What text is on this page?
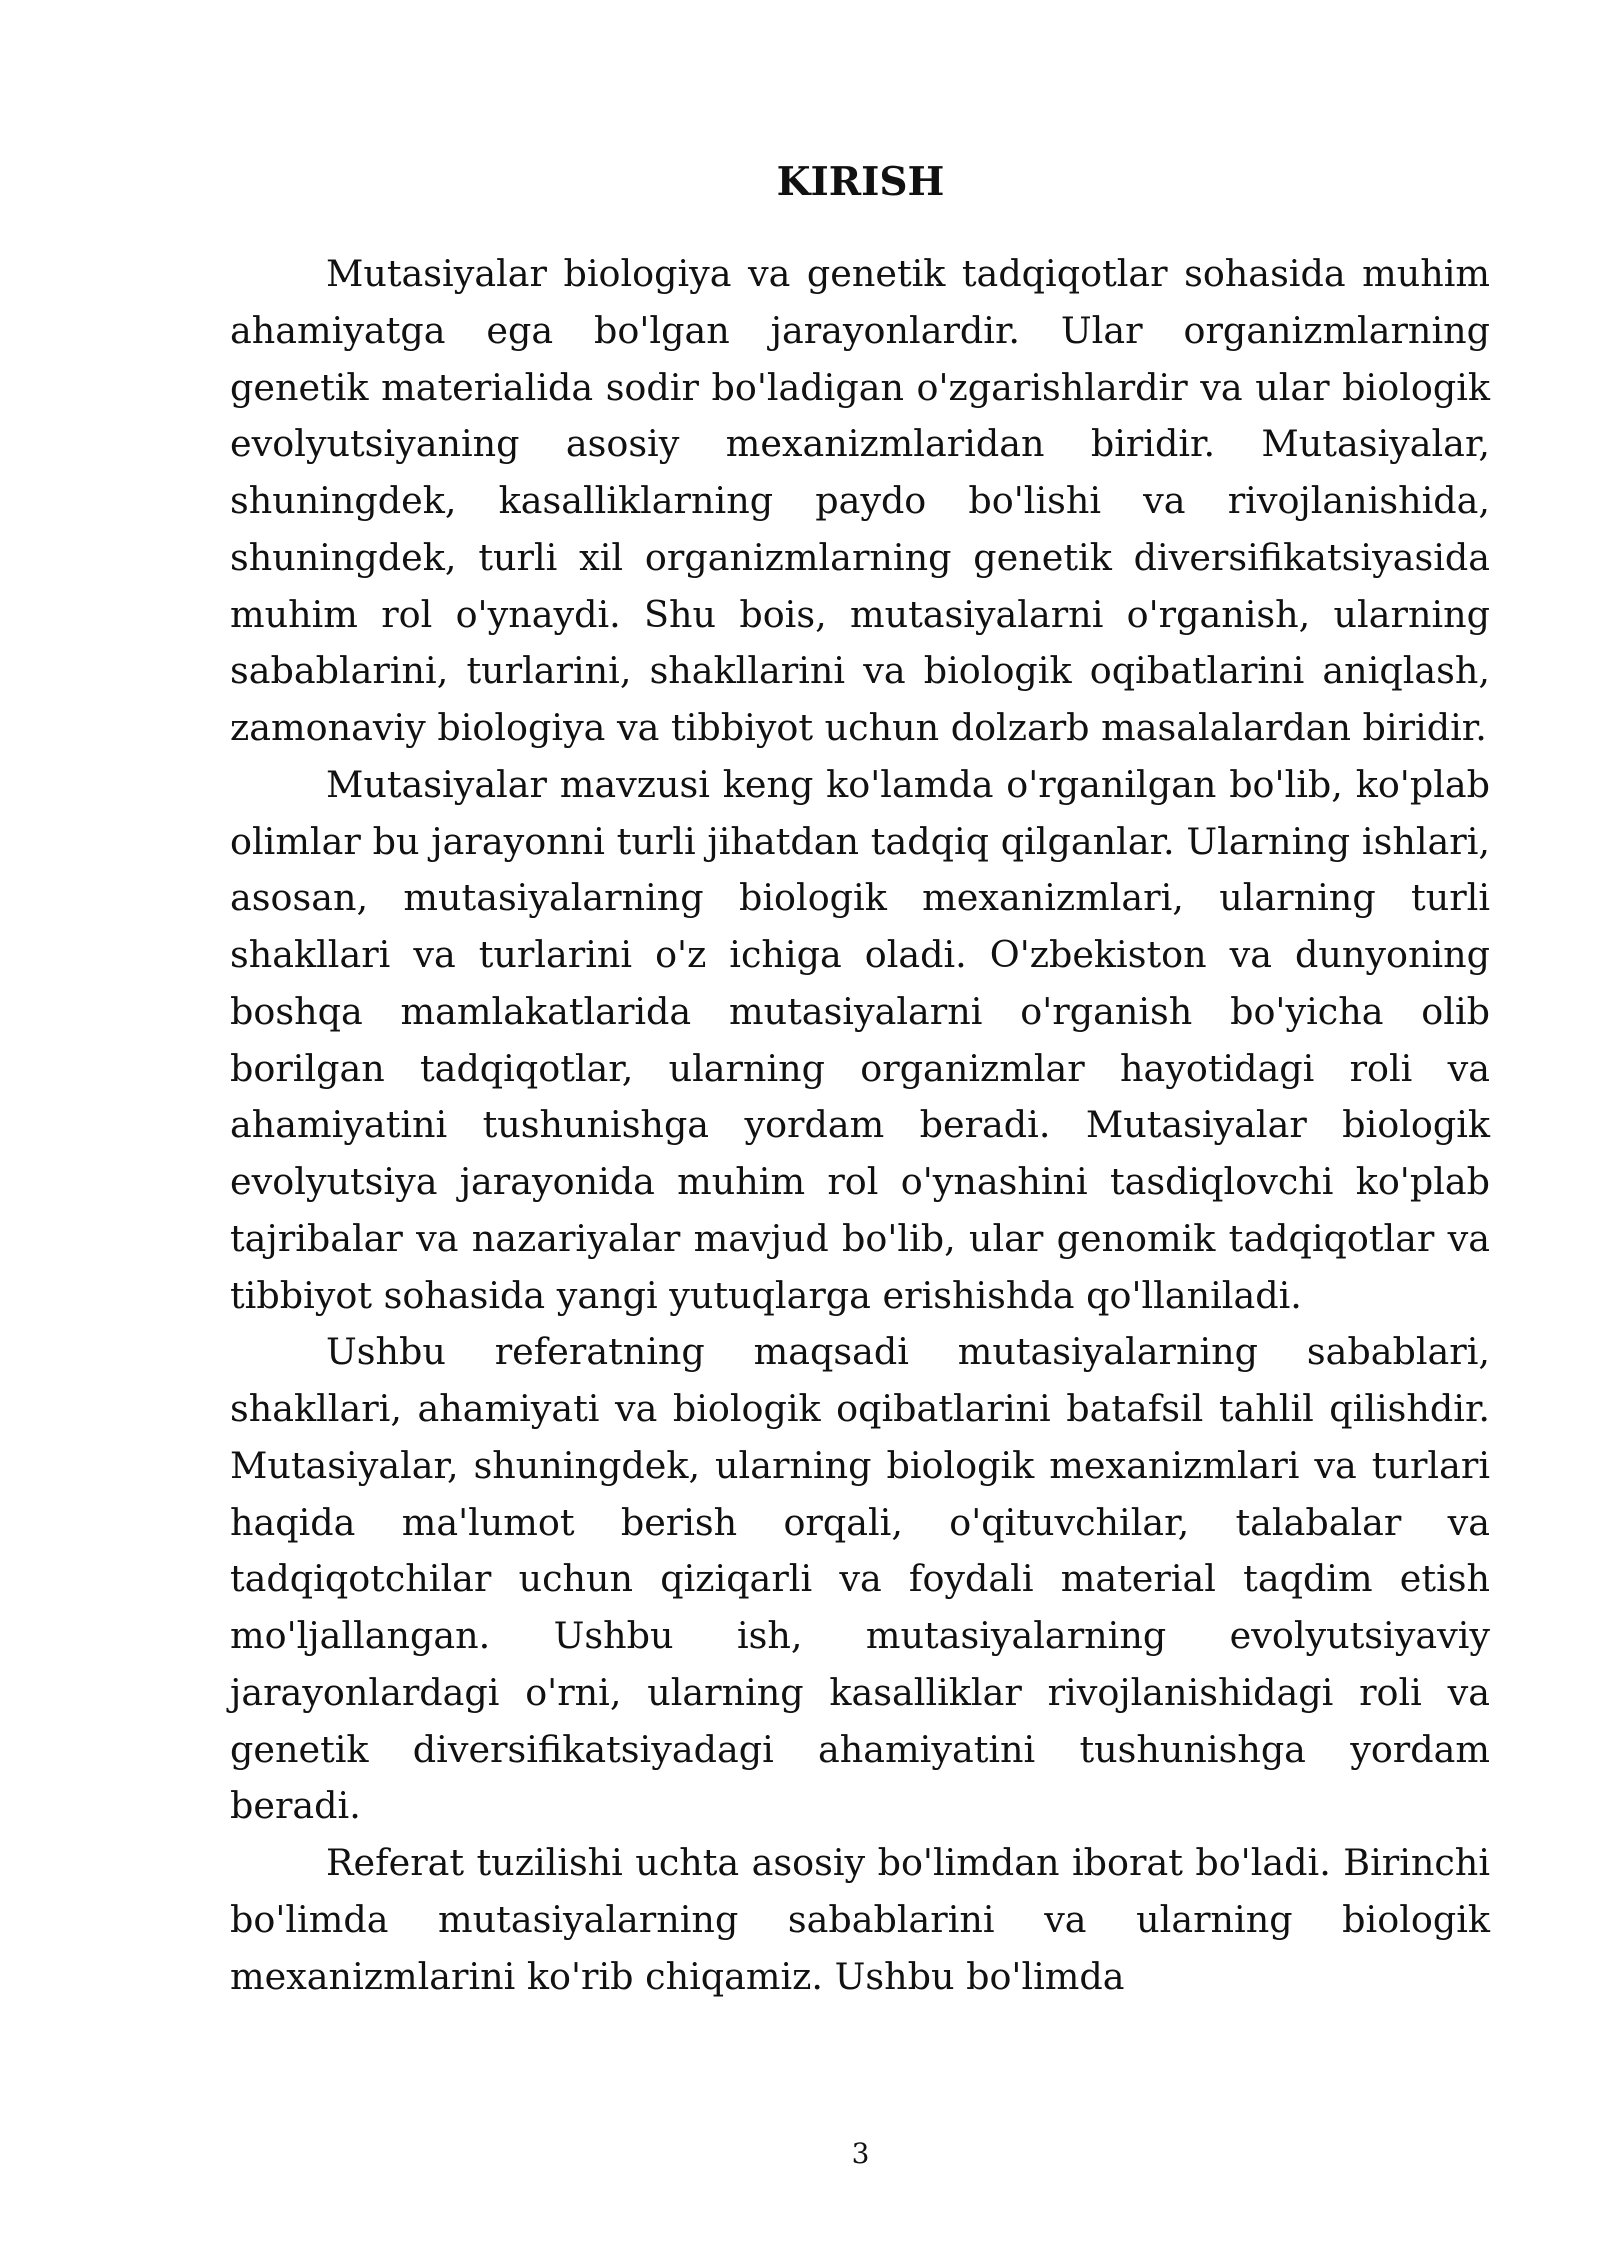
KIRISH

Mutasiyalar biologiya va genetik tadqiqotlar sohasida muhim ahamiyatga ega bo'lgan jarayonlardir. Ular organizmlarning genetik materialida sodir bo'ladigan o'zgarishlardir va ular biologik evolyutsiyaning asosiy mexanizmlaridan biridir. Mutasiyalar, shuningdek, kasalliklarning paydo bo'lishi va rivojlanishida, shuningdek, turli xil organizmlarning genetik diversifikatsiyasida muhim rol o'ynaydi. Shu bois, mutasiyalarni o'rganish, ularning sabablarini, turlarini, shakllarini va biologik oqibatlarini aniqlash, zamonaviy biologiya va tibbiyot uchun dolzarb masalalardan biridir.

Mutasiyalar mavzusi keng ko'lamda o'rganilgan bo'lib, ko'plab olimlar bu jarayonni turli jihatdan tadqiq qilganlar. Ularning ishlari, asosan, mutasiyalarning biologik mexanizmlari, ularning turli shakllari va turlarini o'z ichiga oladi. O'zbekiston va dunyoning boshqa mamlakatlarida mutasiyalarni o'rganish bo'yicha olib borilgan tadqiqotlar, ularning organizmlar hayotidagi roli va ahamiyatini tushunishga yordam beradi. Mutasiyalar biologik evolyutsiya jarayonida muhim rol o'ynashini tasdiqlovchi ko'plab tajribalar va nazariyalar mavjud bo'lib, ular genomik tadqiqotlar va tibbiyot sohasida yangi yutuqlarga erishishda qo'llaniladi.

Ushbu referatning maqsadi mutasiyalarning sabablari, shakllari, ahamiyati va biologik oqibatlarini batafsil tahlil qilishdir. Mutasiyalar, shuningdek, ularning biologik mexanizmlari va turlari haqida ma'lumot berish orqali, o'qituvchilar, talabalar va tadqiqotchilar uchun qiziqarli va foydali material taqdim etish mo'ljallangan. Ushbu ish, mutasiyalarning evolyutsiyaviy jarayonlardagi o'rni, ularning kasalliklar rivojlanishidagi roli va genetik diversifikatsiyadagi ahamiyatini tushunishga yordam beradi.

Referat tuzilishi uchta asosiy bo'limdan iborat bo'ladi. Birinchi bo'limda mutasiyalarning sabablarini va ularning biologik mexanizmlarini ko'rib chiqamiz. Ushbu bo'limda

3
